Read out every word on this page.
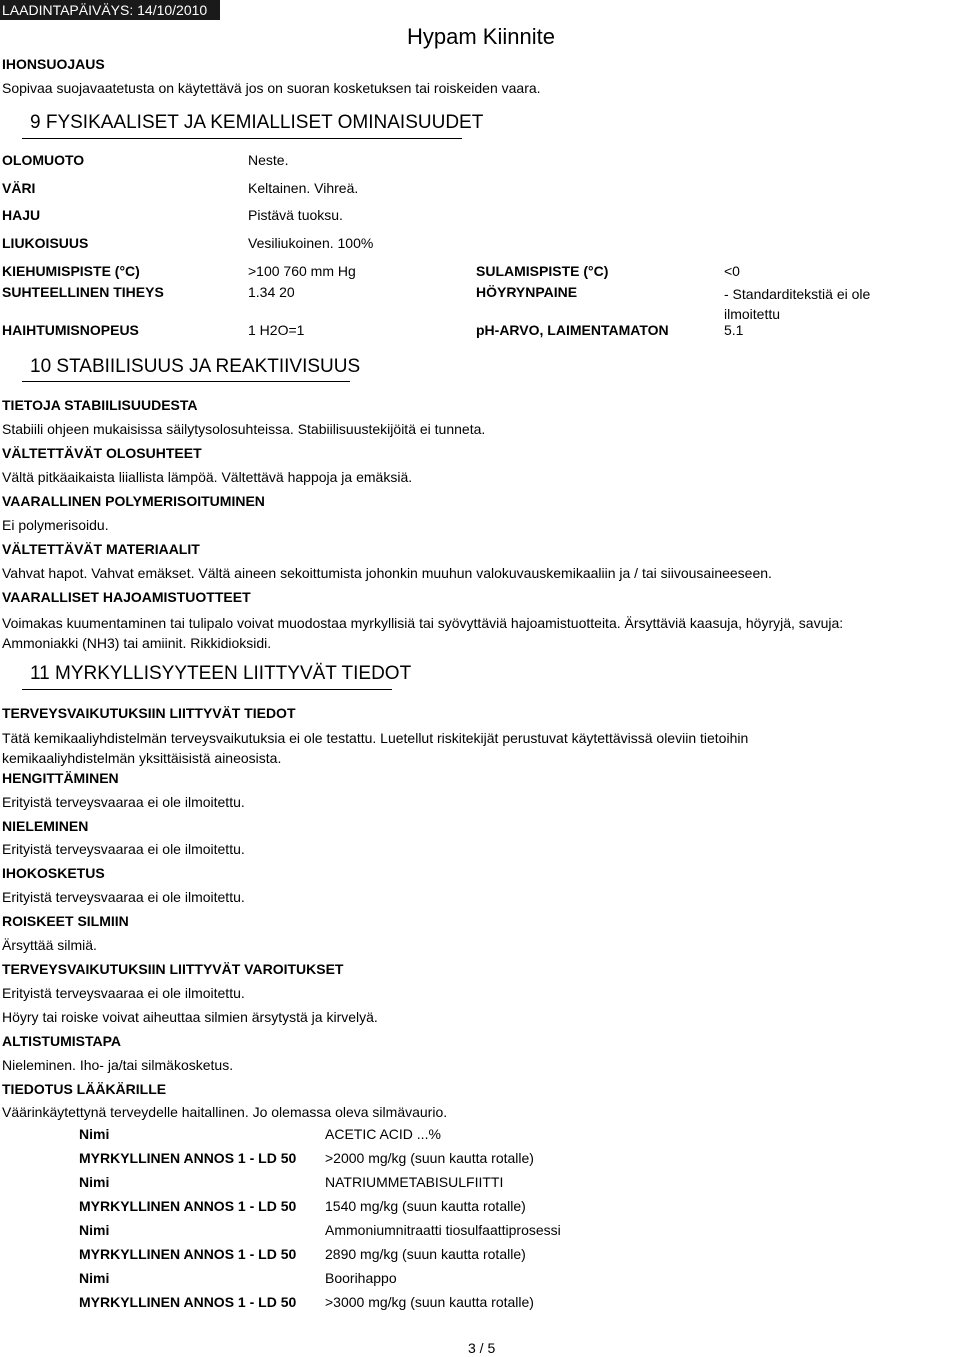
LAADINTAPÄIVÄYS: 14/10/2010
Hypam Kiinnite
IHONSUOJAUS
Sopivaa suojavaatetusta on käytettävä jos on suoran kosketuksen tai roiskeiden vaara.
9 FYSIKAALISET JA KEMIALLISET OMINAISUUDET
OLOMUOTO	Neste.
VÄRI	Keltainen. Vihreä.
HAJU	Pistävä tuoksu.
LIUKOISUUS	Vesiliukoinen. 100%
KIEHUMISPISTE (°C)	>100 760 mm Hg	SULAMISPISTE (°C)	<0
SUHTEELLINEN TIHEYS	1.34 20	HÖYRYNPAINE	- Standarditekstiä ei ole ilmoitettu
HAIHTUMISNOPEUS	1 H2O=1	pH-ARVO, LAIMENTAMATON	5.1
10 STABIILISUUS JA REAKTIIVISUUS
TIETOJA STABIILISUUDESTA
Stabiili ohjeen mukaisissa säilytysolosuhteissa. Stabiilisuustekijöitä ei tunneta.
VÄLTETTÄVÄT OLOSUHTEET
Vältä pitkäaikaista liiallista lämpöä. Vältettävä happoja ja emäksiä.
VAARALLINEN POLYMERISOITUMINEN
Ei polymerisoidu.
VÄLTETTÄVÄT MATERIAALIT
Vahvat hapot. Vahvat emäkset. Vältä aineen sekoittumista johonkin muuhun valokuvauskemikaaliin ja / tai siivousaineeseen.
VAARALLISET HAJOAMISTUOTTEET
Voimakas kuumentaminen tai tulipalo voivat muodostaa myrkyllisiä tai syövyttäviä hajoamistuotteita. Ärsyttäviä kaasuja, höyryjä, savuja: Ammoniakki (NH3) tai amiinit. Rikkidioksidi.
11 MYRKYLLISYYTEEN LIITTYVÄT TIEDOT
TERVEYSVAIKUTUKSIIN LIITTYVÄT TIEDOT
Tätä kemikaaliyhdistelmän terveysvaikutuksia ei ole testattu. Luetellut riskitekijät perustuvat käytettävissä oleviin tietoihin kemikaaliyhdistelmän yksittäisistä aineosista.
HENGITTÄMINEN
Erityistä terveysvaaraa ei ole ilmoitettu.
NIELEMINEN
Erityistä terveysvaaraa ei ole ilmoitettu.
IHOKOSKETUS
Erityistä terveysvaaraa ei ole ilmoitettu.
ROISKEET SILMIIN
Ärsyttää silmiä.
TERVEYSVAIKUTUKSIIN LIITTYVÄT VAROITUKSET
Erityistä terveysvaaraa ei ole ilmoitettu.
Höyry tai roiske voivat aiheuttaa silmien ärsytystä ja kirvelyä.
ALTISTUMISTAPA
Nieleminen. Iho- ja/tai silmäkosketus.
TIEDOTUS LÄÄKÄRILLE
Väärinkäytettynä terveydelle haitallinen. Jo olemassa oleva silmävaurio.
Nimi	ACETIC ACID ...%
MYRKYLLINEN ANNOS 1 - LD 50 >2000 mg/kg (suun kautta rotalle)
Nimi	NATRIUMMETABISULFIITTI
MYRKYLLINEN ANNOS 1 - LD 50 1540 mg/kg (suun kautta rotalle)
Nimi	Ammoniumnitraatti tiosulfaattiprosessi
MYRKYLLINEN ANNOS 1 - LD 50 2890 mg/kg (suun kautta rotalle)
Nimi	Boorihappo
MYRKYLLINEN ANNOS 1 - LD 50 >3000 mg/kg (suun kautta rotalle)
3 / 5
